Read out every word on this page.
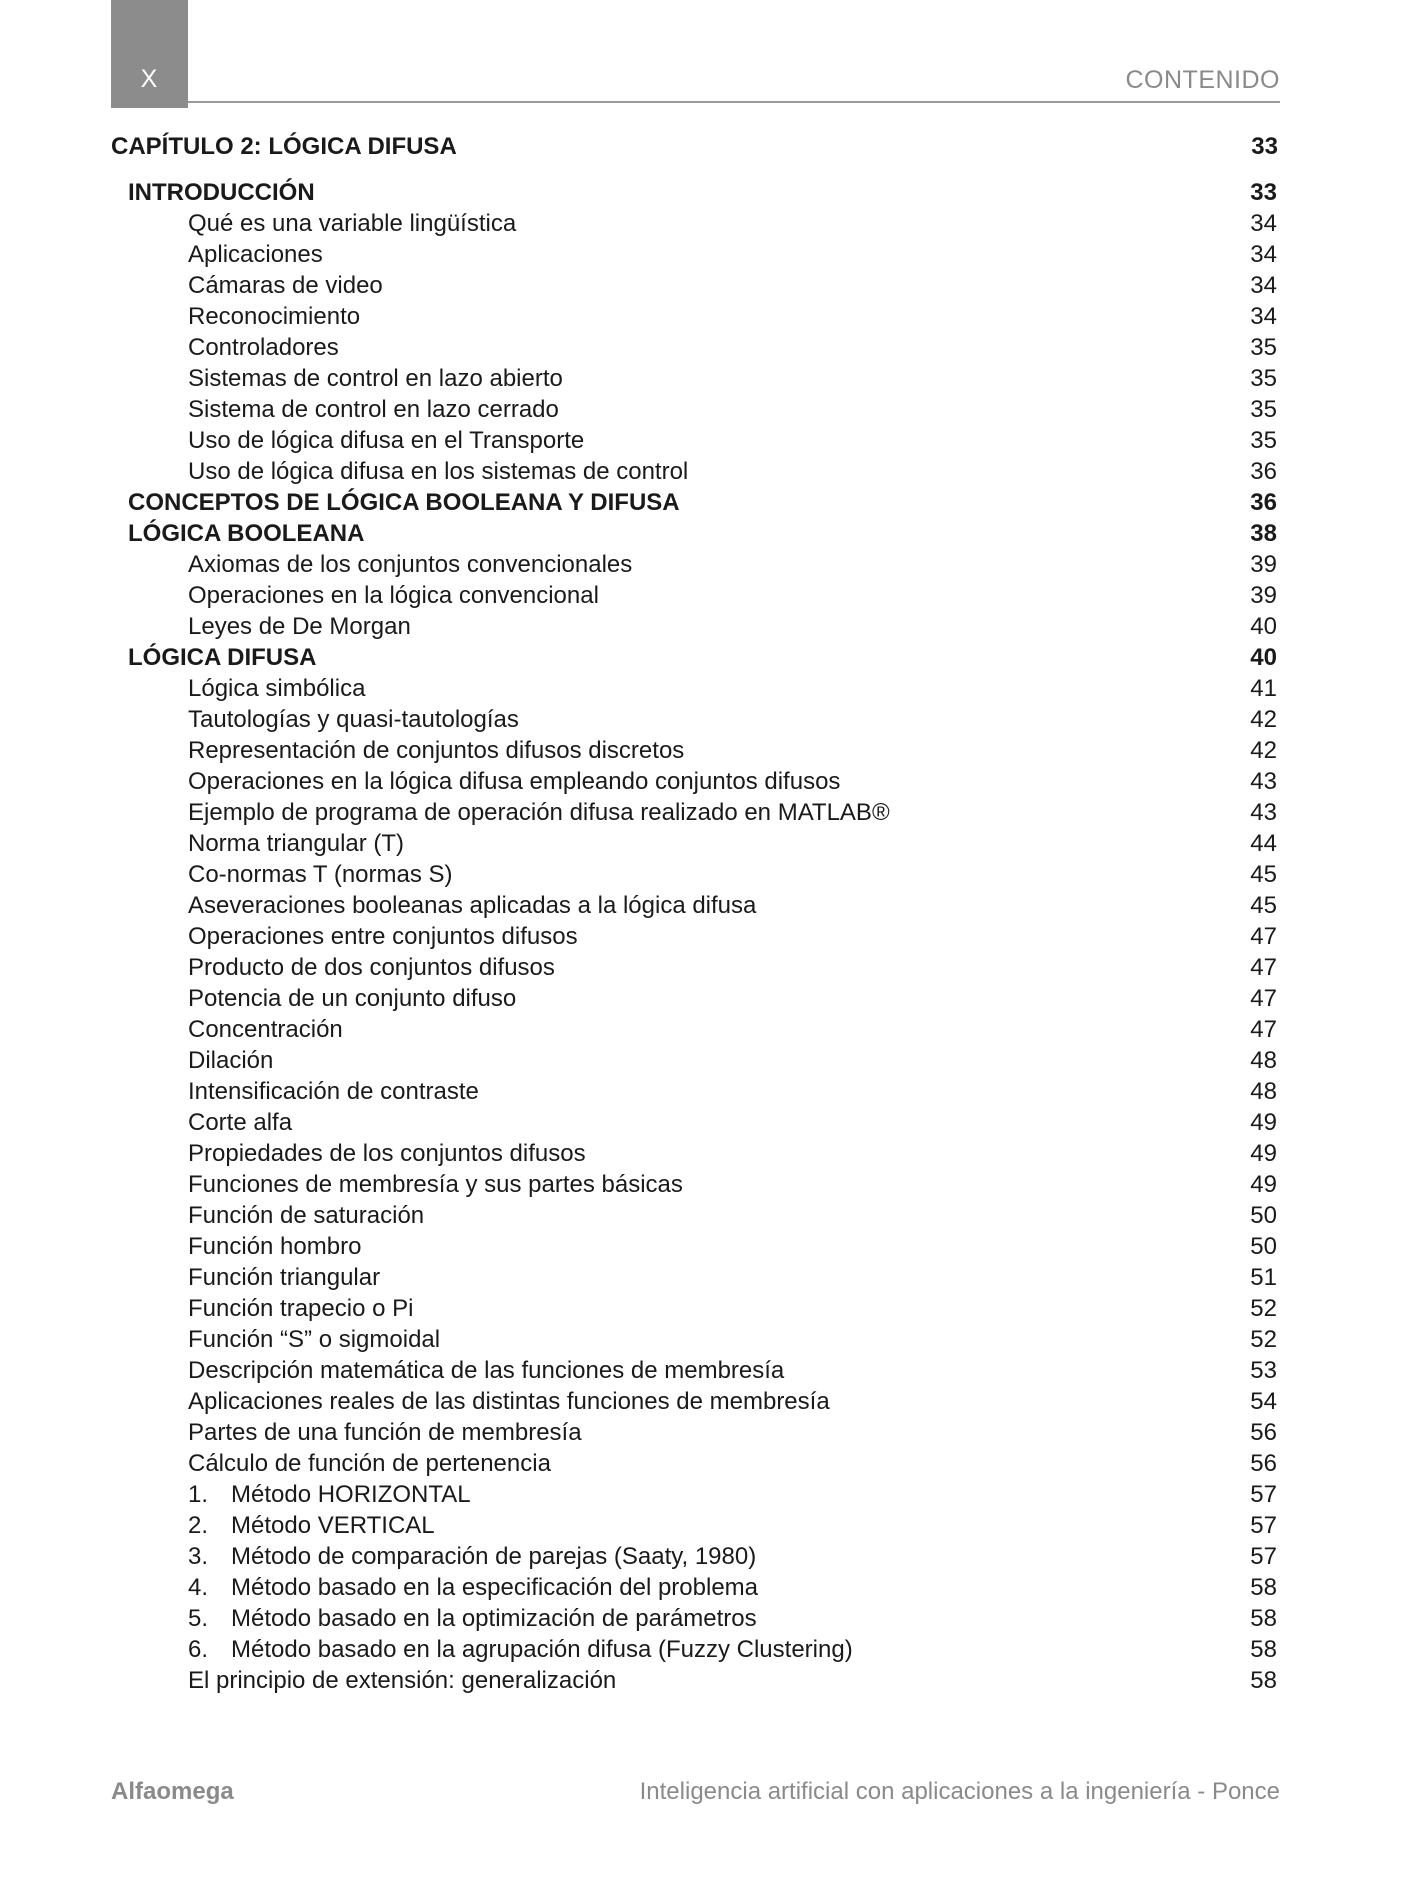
X	CONTENIDO
CAPÍTULO 2: LÓGICA DIFUSA	33
INTRODUCCIÓN	33
Qué es una variable lingüística	34
Aplicaciones	34
Cámaras de video	34
Reconocimiento	34
Controladores	35
Sistemas de control en lazo abierto	35
Sistema de control en lazo cerrado	35
Uso de lógica difusa en el Transporte	35
Uso de lógica difusa en los sistemas de control	36
CONCEPTOS DE LÓGICA BOOLEANA Y DIFUSA	36
LÓGICA BOOLEANA	38
Axiomas de los conjuntos convencionales	39
Operaciones en la lógica convencional	39
Leyes de De Morgan	40
LÓGICA DIFUSA	40
Lógica simbólica	41
Tautologías y quasi-tautologías	42
Representación de conjuntos difusos discretos	42
Operaciones en la lógica difusa empleando conjuntos difusos	43
Ejemplo de programa de operación difusa realizado en MATLAB®	43
Norma triangular (T)	44
Co-normas T (normas S)	45
Aseveraciones booleanas aplicadas a la lógica difusa	45
Operaciones entre conjuntos difusos	47
Producto de dos conjuntos difusos	47
Potencia de un conjunto difuso	47
Concentración	47
Dilación	48
Intensificación de contraste	48
Corte alfa	49
Propiedades de los conjuntos difusos	49
Funciones de membresía y sus partes básicas	49
Función de saturación	50
Función hombro	50
Función triangular	51
Función trapecio o Pi	52
Función “S” o sigmoidal	52
Descripción matemática de las funciones de membresía	53
Aplicaciones reales de las distintas funciones de membresía	54
Partes de una función de membresía	56
Cálculo de función de pertenencia	56
1. Método HORIZONTAL	57
2. Método VERTICAL	57
3. Método de comparación de parejas (Saaty, 1980)	57
4. Método basado en la especificación del problema	58
5. Método basado en la optimización de parámetros	58
6. Método basado en la agrupación difusa (Fuzzy Clustering)	58
El principio de extensión: generalización	58
Alfaomega	Inteligencia artificial con aplicaciones a la ingeniería - Ponce
